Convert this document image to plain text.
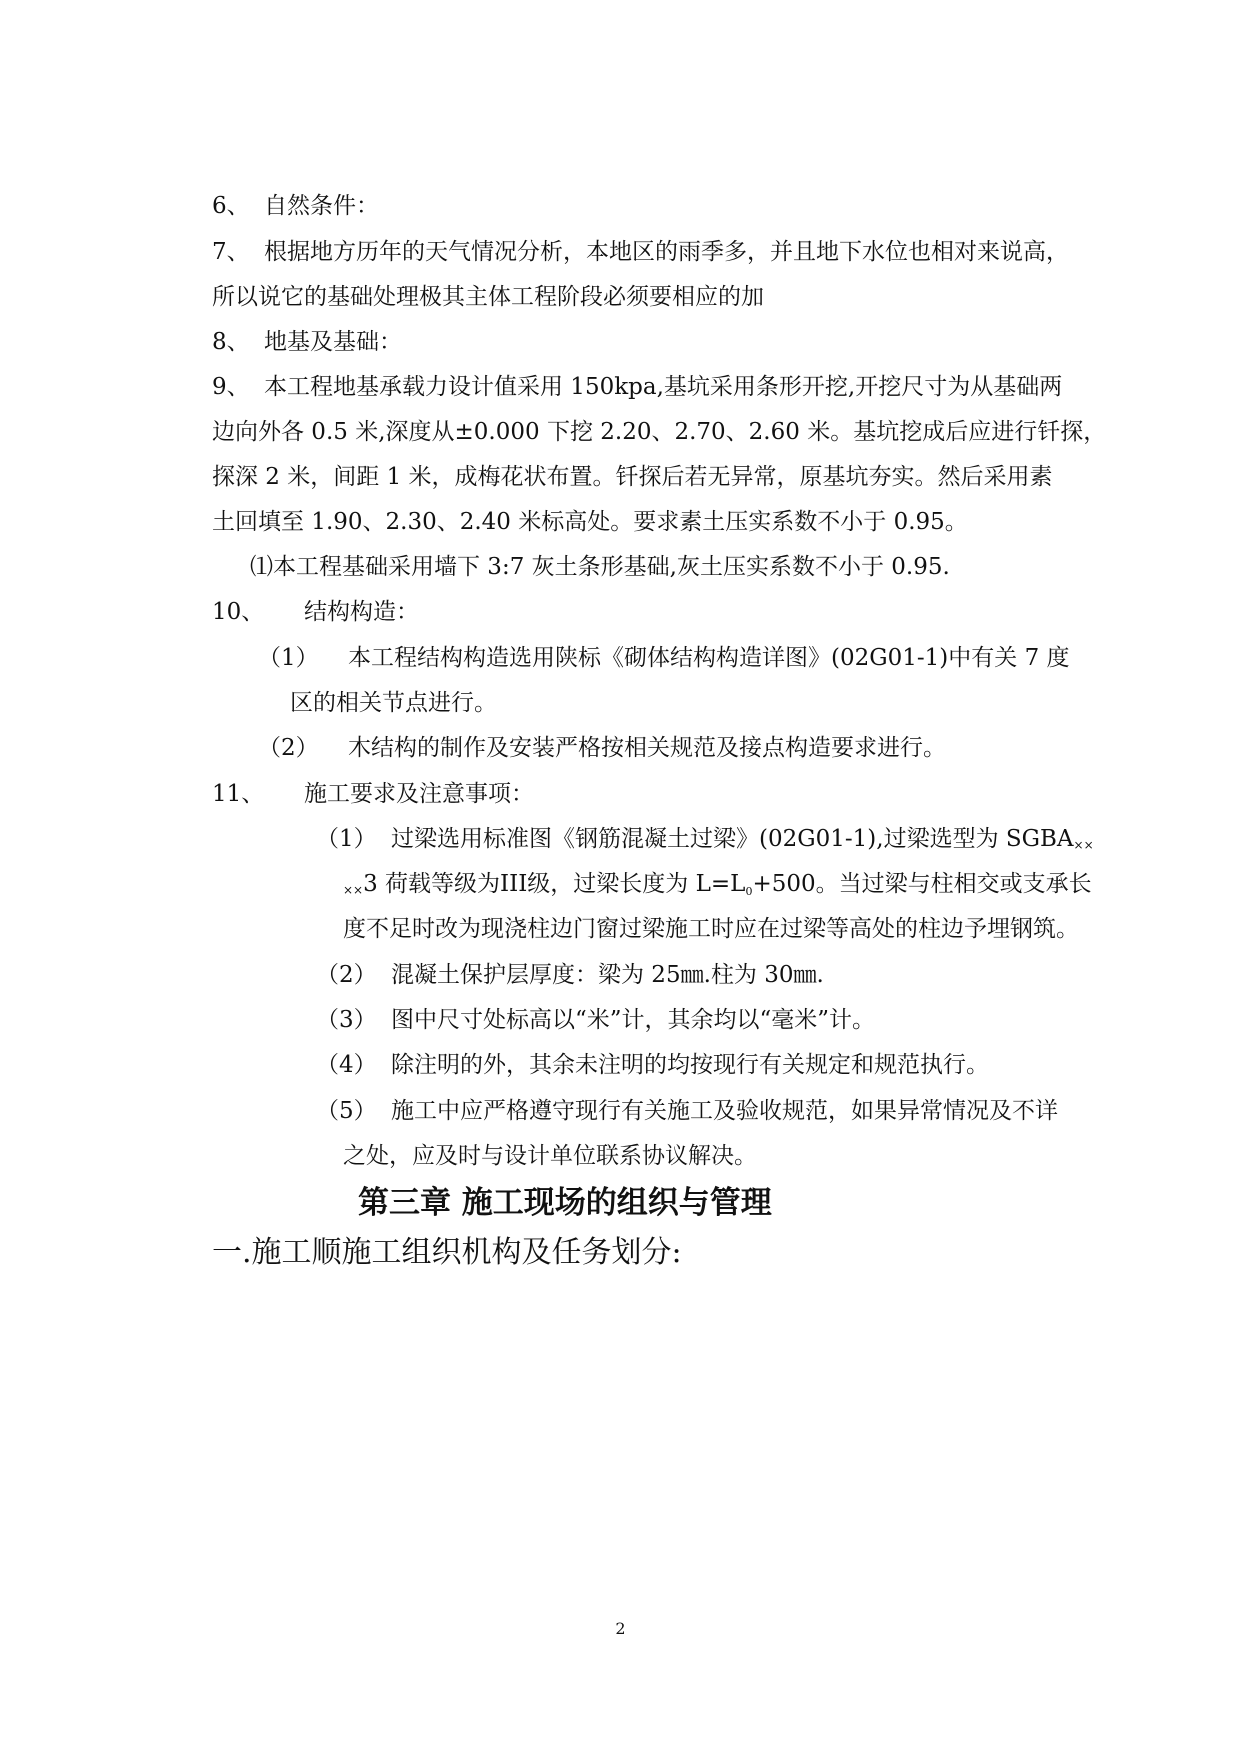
6、 自然条件：
7、 根据地方历年的天气情况分析，本地区的雨季多，并且地下水位也相对来说高，
所以说它的基础处理极其主体工程阶段必须要相应的加
8、 地基及基础：
9、 本工程地基承载力设计值采用 150kpa,基坑采用条形开挖,开挖尺寸为从基础两
边向外各 0.5 米,深度从±0.000 下挖 2.20、2.70、2.60 米。基坑挖成后应进行钎探，
探深 2 米，间距 1 米，成梅花状布置。钎探后若无异常，原基坑夯实。然后采用素
土回填至 1.90、2.30、2.40 米标高处。要求素土压实系数不小于 0.95。
⑴本工程基础采用墙下 3:7 灰土条形基础,灰土压实系数不小于 0.95.
10、 结构构造：
（1） 本工程结构构造选用陕标《砌体结构构造详图》(02G01-1)中有关 7 度
区的相关节点进行。
（2） 木结构的制作及安装严格按相关规范及接点构造要求进行。
11、 施工要求及注意事项：
（1） 过梁选用标准图《钢筋混凝土过梁》(02G01-1),过梁选型为 $SGBA_{\times\times}$
$_{\times\times}$3 荷载等级为III级，过梁长度为 L=L0+500。当过梁与柱相交或支承长
度不足时改为现浇柱边门窗过梁施工时应在过梁等高处的柱边予埋钢筑。
（2） 混凝土保护层厚度：梁为 25㎜.柱为 30㎜.
（3） 图中尺寸处标高以“米”计，其余均以“毫米”计。
（4） 除注明的外，其余未注明的均按现行有关规定和规范执行。
（5） 施工中应严格遵守现行有关施工及验收规范，如果异常情况及不详
之处，应及时与设计单位联系协议解决。
第三章 施工现场的组织与管理
一.施工顺施工组织机构及任务划分:
2
